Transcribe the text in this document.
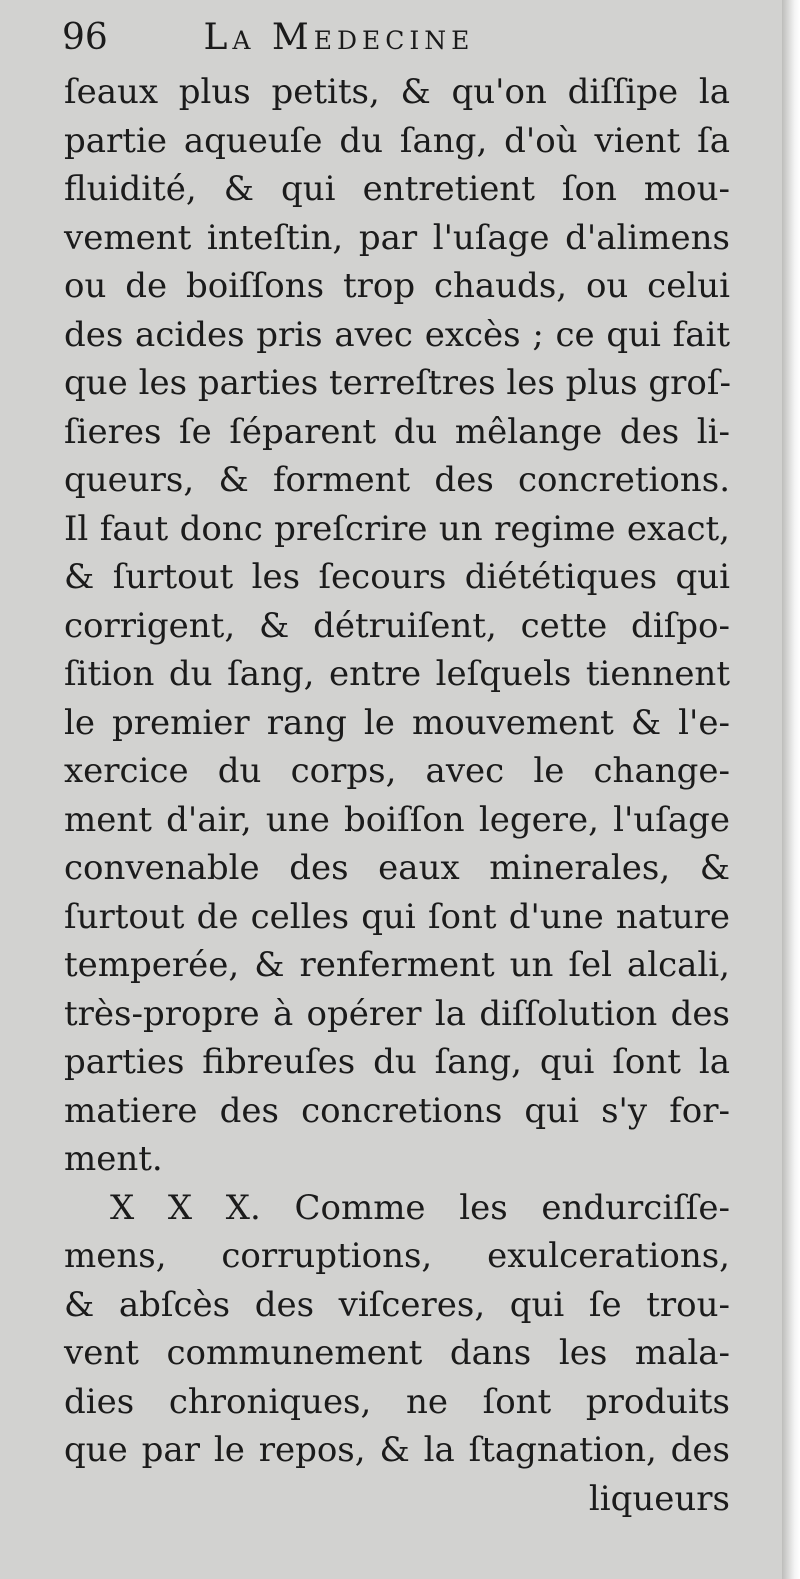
96	La Medecine
ſeaux plus petits, & qu'on diſſipe la
partie aqueuſe du ſang, d'où vient ſa
fluidité, & qui entretient ſon mou-
vement inteſtin, par l'uſage d'alimens
ou de boiſſons trop chauds, ou celui
des acides pris avec excès ; ce qui fait
que les parties terreſtres les plus groſ-
ſieres ſe ſéparent du mêlange des li-
queurs, & forment des concretions.
Il faut donc preſcrire un regime exact,
& ſurtout les ſecours diététiques qui
corrigent, & détruiſent, cette diſpo-
ſition du ſang, entre leſquels tiennent
le premier rang le mouvement & l'e-
xercice du corps, avec le change-
ment d'air, une boiſſon legere, l'uſage
convenable des eaux minerales, &
ſurtout de celles qui ſont d'une nature
temperée, & renferment un ſel alcali,
très-propre à opérer la diſſolution des
parties fibreuſes du ſang, qui ſont la
matiere des concretions qui s'y for-
ment.
X X X. Comme les endurciſſe-
mens, corruptions, exulcerations,
& abſcès des viſceres, qui ſe trou-
vent communement dans les mala-
dies chroniques, ne ſont produits
que par le repos, & la ſtagnation, des
liqueurs
